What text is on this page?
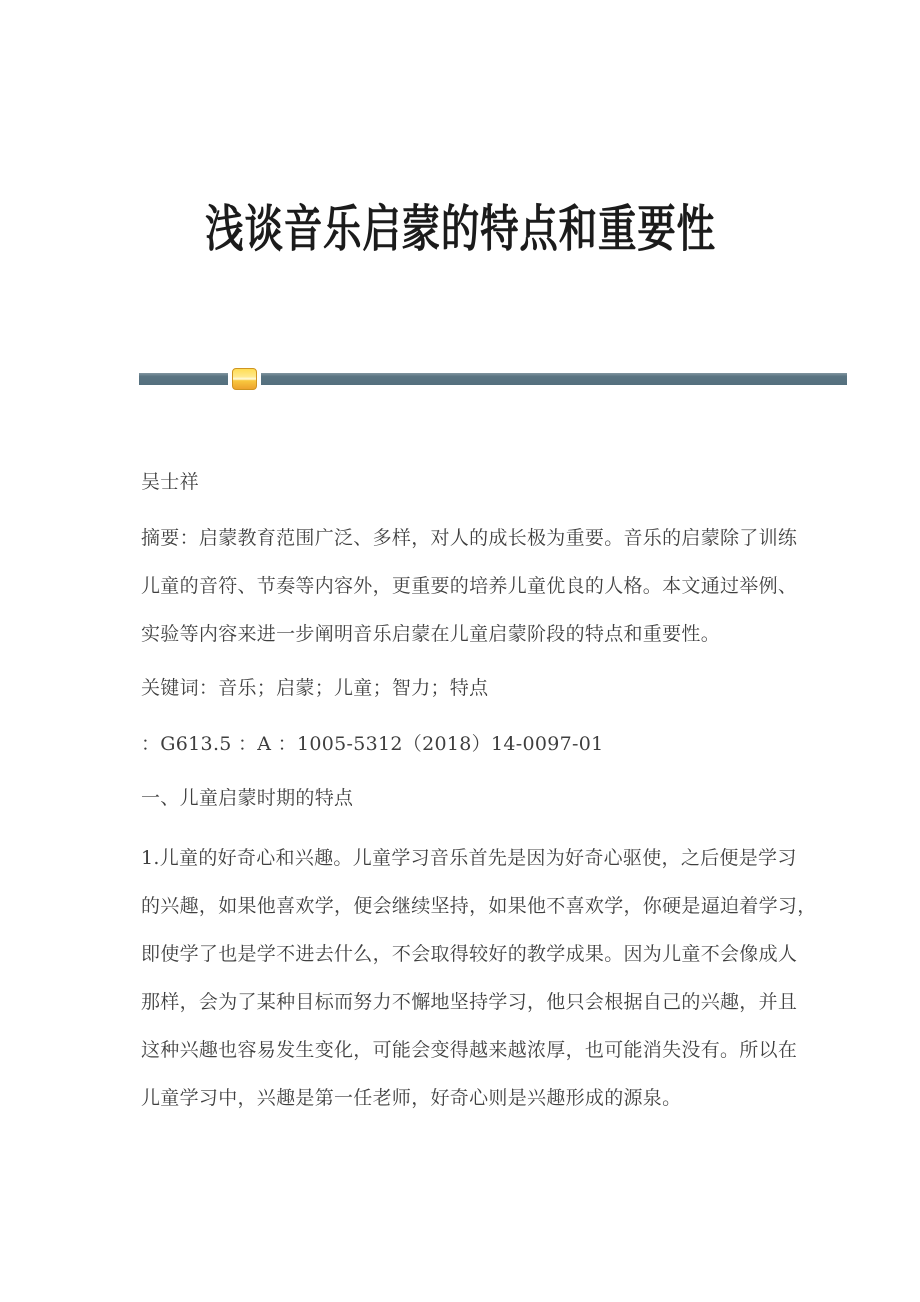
浅谈音乐启蒙的特点和重要性

吴士祥

摘要：启蒙教育范围广泛、多样，对人的成长极为重要。音乐的启蒙除了训练

儿童的音符、节奏等内容外，更重要的培养儿童优良的人格。本文通过举例、

实验等内容来进一步阐明音乐启蒙在儿童启蒙阶段的特点和重要性。

关键词：音乐；启蒙；儿童；智力；特点

：G613.5 ：A ：1005-5312（2018）14-0097-01

一、儿童启蒙时期的特点

1.儿童的好奇心和兴趣。儿童学习音乐首先是因为好奇心驱使，之后便是学习

的兴趣，如果他喜欢学，便会继续坚持，如果他不喜欢学，你硬是逼迫着学习，

即使学了也是学不进去什么，不会取得较好的教学成果。因为儿童不会像成人

那样，会为了某种目标而努力不懈地坚持学习，他只会根据自己的兴趣，并且

这种兴趣也容易发生变化，可能会变得越来越浓厚，也可能消失没有。所以在

儿童学习中，兴趣是第一任老师，好奇心则是兴趣形成的源泉。
